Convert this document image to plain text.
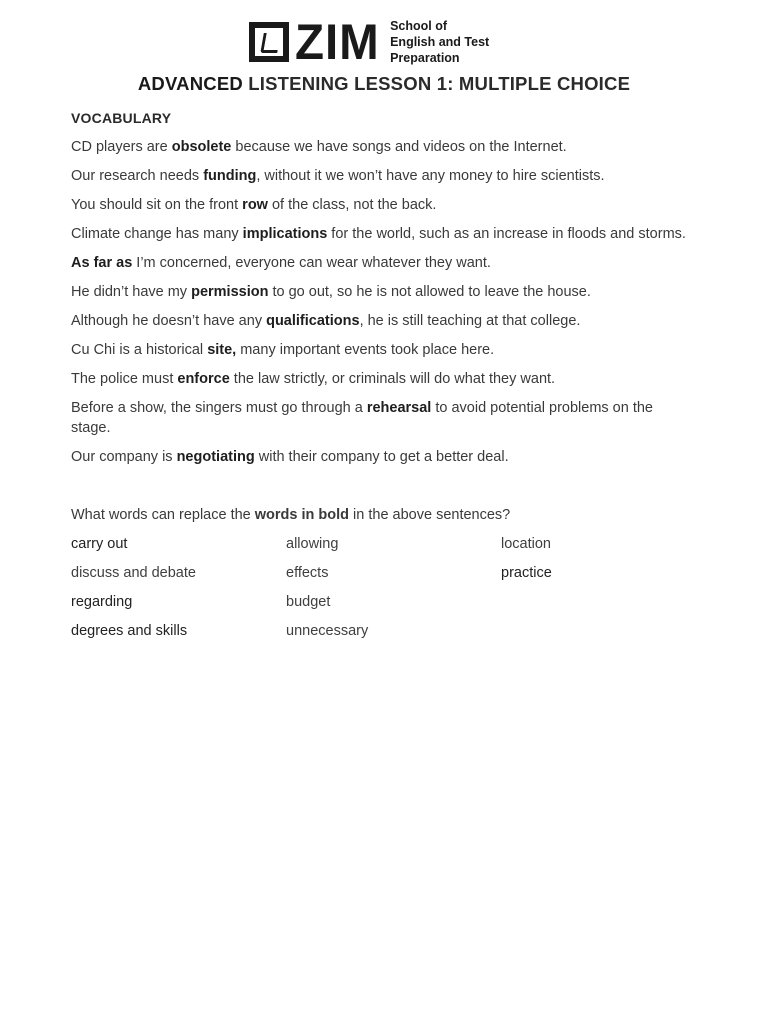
ZIM School of English and Test Preparation
ADVANCED LISTENING LESSON 1: MULTIPLE CHOICE
VOCABULARY
CD players are obsolete because we have songs and videos on the Internet.
Our research needs funding, without it we won’t have any money to hire scientists.
You should sit on the front row of the class, not the back.
Climate change has many implications for the world, such as an increase in floods and storms.
As far as I’m concerned, everyone can wear whatever they want.
He didn’t have my permission to go out, so he is not allowed to leave the house.
Although he doesn’t have any qualifications, he is still teaching at that college.
Cu Chi is a historical site, many important events took place here.
The police must enforce the law strictly, or criminals will do what they want.
Before a show, the singers must go through a rehearsal to avoid potential problems on the stage.
Our company is negotiating with their company to get a better deal.
What words can replace the words in bold in the above sentences?
carry out	allowing	location
discuss and debate	effects	practice
regarding	budget
degrees and skills	unnecessary
